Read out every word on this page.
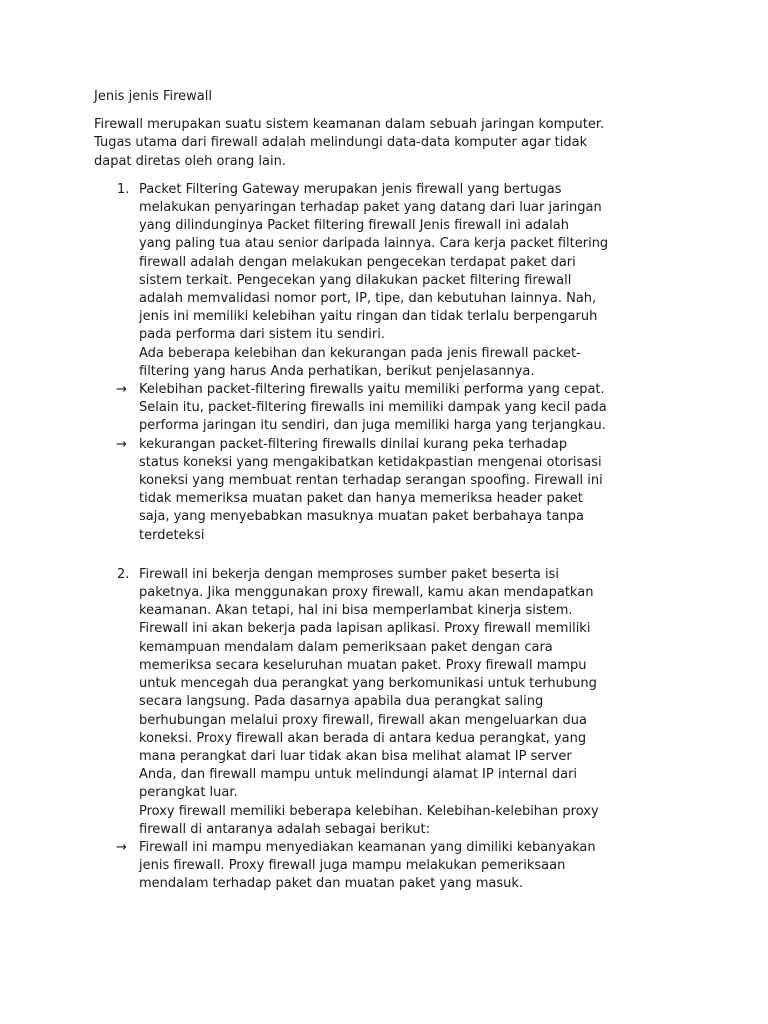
Jenis jenis Firewall
Firewall merupakan suatu sistem keamanan dalam sebuah jaringan komputer.
Tugas utama dari firewall adalah melindungi data-data komputer agar tidak
dapat diretas oleh orang lain.
1. Packet Filtering Gateway merupakan jenis firewall yang bertugas
melakukan penyaringan terhadap paket yang datang dari luar jaringan
yang dilindunginya Packet filtering firewall Jenis firewall ini adalah
yang paling tua atau senior daripada lainnya. Cara kerja packet filtering
firewall adalah dengan melakukan pengecekan terdapat paket dari
sistem terkait. Pengecekan yang dilakukan packet filtering firewall
adalah memvalidasi nomor port, IP, tipe, dan kebutuhan lainnya. Nah,
jenis ini memiliki kelebihan yaitu ringan dan tidak terlalu berpengaruh
pada performa dari sistem itu sendiri.
Ada beberapa kelebihan dan kekurangan pada jenis firewall packet-
filtering yang harus Anda perhatikan, berikut penjelasannya.
→ Kelebihan packet-filtering firewalls yaitu memiliki performa yang cepat.
Selain itu, packet-filtering firewalls ini memiliki dampak yang kecil pada
performa jaringan itu sendiri, dan juga memiliki harga yang terjangkau.
→ kekurangan packet-filtering firewalls dinilai kurang peka terhadap
status koneksi yang mengakibatkan ketidakpastian mengenai otorisasi
koneksi yang membuat rentan terhadap serangan spoofing. Firewall ini
tidak memeriksa muatan paket dan hanya memeriksa header paket
saja, yang menyebabkan masuknya muatan paket berbahaya tanpa
terdeteksi
2. Firewall ini bekerja dengan memproses sumber paket beserta isi
paketnya. Jika menggunakan proxy firewall, kamu akan mendapatkan
keamanan. Akan tetapi, hal ini bisa memperlambat kinerja sistem.
Firewall ini akan bekerja pada lapisan aplikasi. Proxy firewall memiliki
kemampuan mendalam dalam pemeriksaan paket dengan cara
memeriksa secara keseluruhan muatan paket. Proxy firewall mampu
untuk mencegah dua perangkat yang berkomunikasi untuk terhubung
secara langsung. Pada dasarnya apabila dua perangkat saling
berhubungan melalui proxy firewall, firewall akan mengeluarkan dua
koneksi. Proxy firewall akan berada di antara kedua perangkat, yang
mana perangkat dari luar tidak akan bisa melihat alamat IP server
Anda, dan firewall mampu untuk melindungi alamat IP internal dari
perangkat luar.
Proxy firewall memiliki beberapa kelebihan. Kelebihan-kelebihan proxy
firewall di antaranya adalah sebagai berikut:
→ Firewall ini mampu menyediakan keamanan yang dimiliki kebanyakan
jenis firewall. Proxy firewall juga mampu melakukan pemeriksaan
mendalam terhadap paket dan muatan paket yang masuk.
